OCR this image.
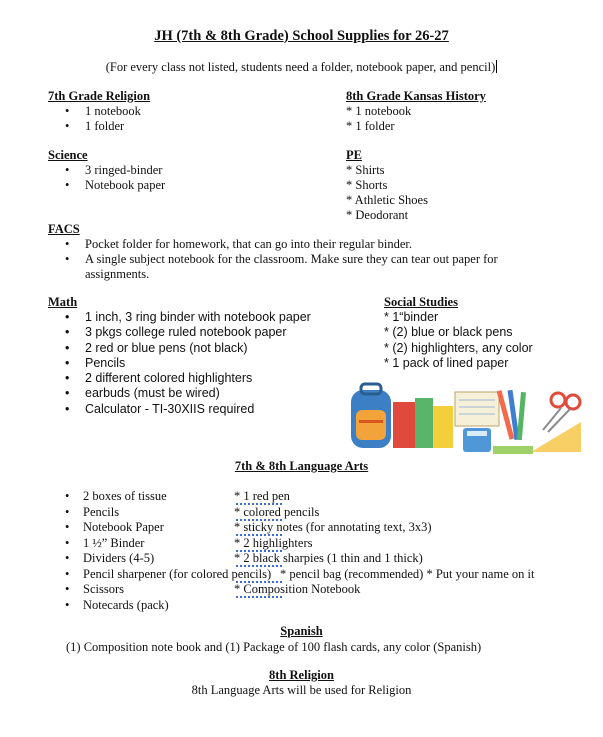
JH (7th & 8th Grade) School Supplies for 26-27
(For every class not listed, students need a folder, notebook paper, and pencil)
7th Grade Religion
• 1 notebook
• 1 folder
8th Grade Kansas History
* 1 notebook
* 1 folder
Science
• 3 ringed-binder
• Notebook paper
PE
* Shirts
* Shorts
* Athletic Shoes
* Deodorant
FACS
• Pocket folder for homework, that can go into their regular binder.
• A single subject notebook for the classroom. Make sure they can tear out paper for assignments.
Math
• 1 inch, 3 ring binder with notebook paper
• 3 pkgs college ruled notebook paper
• 2 red or blue pens (not black)
• Pencils
• 2 different colored highlighters
• earbuds (must be wired)
• Calculator - TI-30XIIS required
Social Studies
* 1“binder
* (2) blue or black pens
* (2) highlighters, any color
* 1 pack of lined paper
7th & 8th Language Arts
2 boxes of tissue	* 1 red pen
Pencils	* colored pencils
Notebook Paper	* sticky notes (for annotating text, 3x3)
1 ½” Binder	* 2 highlighters
Dividers (4-5)	* 2 black sharpies (1 thin and 1 thick)
Pencil sharpener (for colored pencils) * pencil bag (recommended) * Put your name on it
Scissors	* Composition Notebook
Notecards (pack)
Spanish
(1) Composition note book and (1) Package of 100 flash cards, any color (Spanish)
8th Religion
8th Language Arts will be used for Religion
